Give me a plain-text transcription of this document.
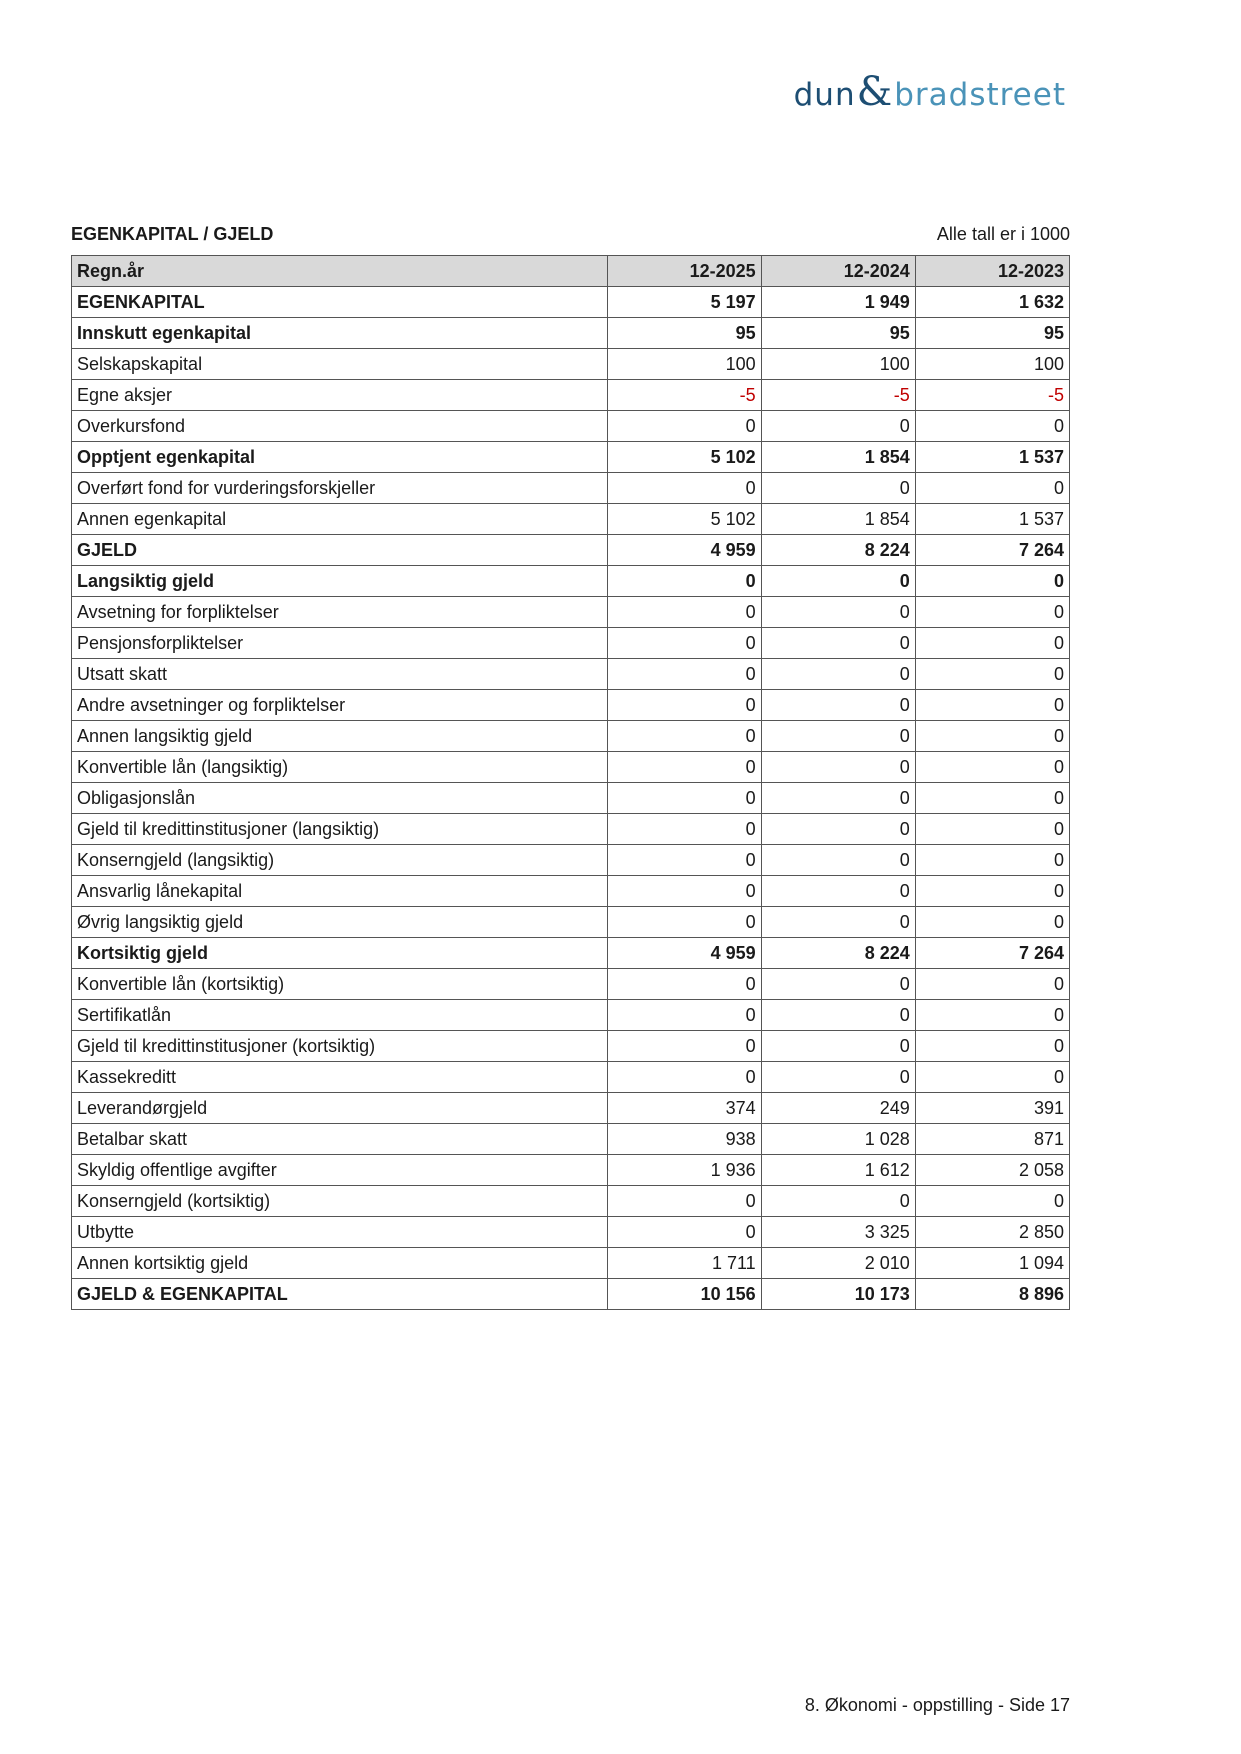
dun & bradstreet
EGENKAPITAL / GJELD	Alle tall er i 1000
Regn.år	12-2025	12-2024	12-2023
EGENKAPITAL	5 197	1 949	1 632
Innskutt egenkapital	95	95	95
Selskapskapital	100	100	100
Egne aksjer	-5	-5	-5
Overkursfond	0	0	0
Opptjent egenkapital	5 102	1 854	1 537
Overført fond for vurderingsforskjeller	0	0	0
Annen egenkapital	5 102	1 854	1 537
GJELD	4 959	8 224	7 264
Langsiktig gjeld	0	0	0
Avsetning for forpliktelser	0	0	0
Pensjonsforpliktelser	0	0	0
Utsatt skatt	0	0	0
Andre avsetninger og forpliktelser	0	0	0
Annen langsiktig gjeld	0	0	0
Konvertible lån (langsiktig)	0	0	0
Obligasjonslån	0	0	0
Gjeld til kredittinstitusjoner (langsiktig)	0	0	0
Konserngjeld (langsiktig)	0	0	0
Ansvarlig lånekapital	0	0	0
Øvrig langsiktig gjeld	0	0	0
Kortsiktig gjeld	4 959	8 224	7 264
Konvertible lån (kortsiktig)	0	0	0
Sertifikatlån	0	0	0
Gjeld til kredittinstitusjoner (kortsiktig)	0	0	0
Kassekreditt	0	0	0
Leverandørgjeld	374	249	391
Betalbar skatt	938	1 028	871
Skyldig offentlige avgifter	1 936	1 612	2 058
Konserngjeld (kortsiktig)	0	0	0
Utbytte	0	3 325	2 850
Annen kortsiktig gjeld	1 711	2 010	1 094
GJELD & EGENKAPITAL	10 156	10 173	8 896
8. Økonomi - oppstilling - Side 17
